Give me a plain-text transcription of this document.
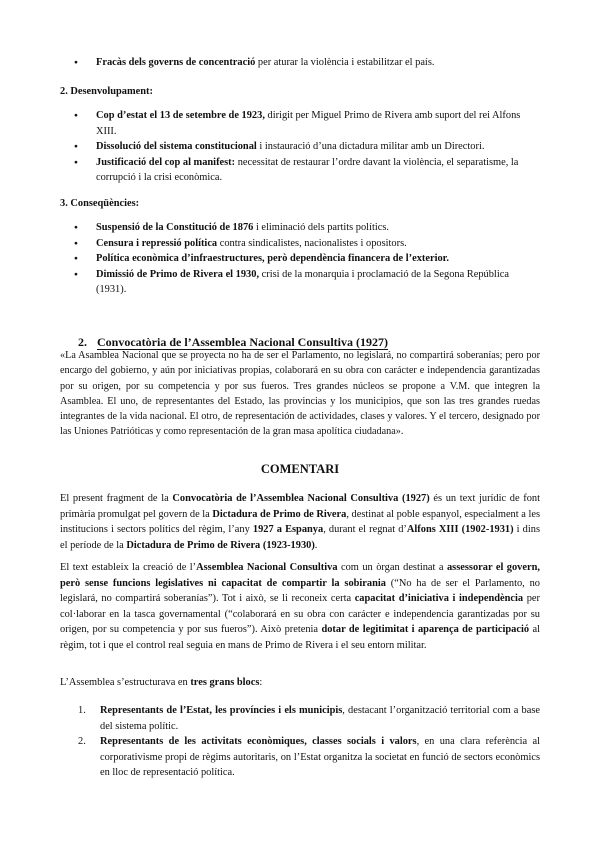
● Fracàs dels governs de concentració per aturar la violència i estabilitzar el país.
2. Desenvolupament:
● Cop d’estat el 13 de setembre de 1923, dirigit per Miguel Primo de Rivera amb suport del rei Alfons XIII.
● Dissolució del sistema constitucional i instauració d’una dictadura militar amb un Directori.
● Justificació del cop al manifest: necessitat de restaurar l’ordre davant la violència, el separatisme, la corrupció i la crisi econòmica.
3. Conseqüències:
● Suspensió de la Constitució de 1876 i eliminació dels partits polítics.
● Censura i repressió política contra sindicalistes, nacionalistes i opositors.
● Política econòmica d’infraestructures, però dependència financera de l’exterior.
● Dimissió de Primo de Rivera el 1930, crisi de la monarquia i proclamació de la Segona República (1931).
2. Convocatòria de l’Assemblea Nacional Consultiva (1927)
«La Asamblea Nacional que se proyecta no ha de ser el Parlamento, no legislará, no compartirá soberanías; pero por encargo del gobierno, y aún por iniciativas propias, colaborará en su obra con carácter e independencia garantizadas por su origen, por su competencia y por sus fueros. Tres grandes núcleos se propone a V.M. que integren la Asamblea. El uno, de representantes del Estado, las provincias y los municipios, que son las tres grandes ruedas integrantes de la vida nacional. El otro, de representación de actividades, clases y valores. Y el tercero, designado por las Uniones Patrióticas y como representación de la gran masa apolítica ciudadana».
COMENTARI
El present fragment de la Convocatòria de l’Assemblea Nacional Consultiva (1927) és un text jurídic de font primària promulgat pel govern de la Dictadura de Primo de Rivera, destinat al poble espanyol, especialment a les institucions i sectors polítics del règim, l’any 1927 a Espanya, durant el regnat d’Alfons XIII (1902-1931) i dins el període de la Dictadura de Primo de Rivera (1923-1930).
El text estableix la creació de l’Assemblea Nacional Consultiva com un òrgan destinat a assessorar el govern, però sense funcions legislatives ni capacitat de compartir la sobirania (“No ha de ser el Parlamento, no legislará, no compartirá soberanías”). Tot i això, se li reconeix certa capacitat d’iniciativa i independència per col·laborar en la tasca governamental (“colaborará en su obra con carácter e independencia garantizadas por su origen, por su competencia y por sus fueros”). Això pretenia dotar de legitimitat i aparença de participació al règim, tot i que el control real seguia en mans de Primo de Rivera i el seu entorn militar.
L’Assemblea s’estructurava en tres grans blocs:
1. Representants de l’Estat, les províncies i els municipis, destacant l’organització territorial com a base del sistema polític.
2. Representants de les activitats econòmiques, classes socials i valors, en una clara referència al corporativisme propi de règims autoritaris, on l’Estat organitza la societat en funció de sectors econòmics en lloc de representació política.
